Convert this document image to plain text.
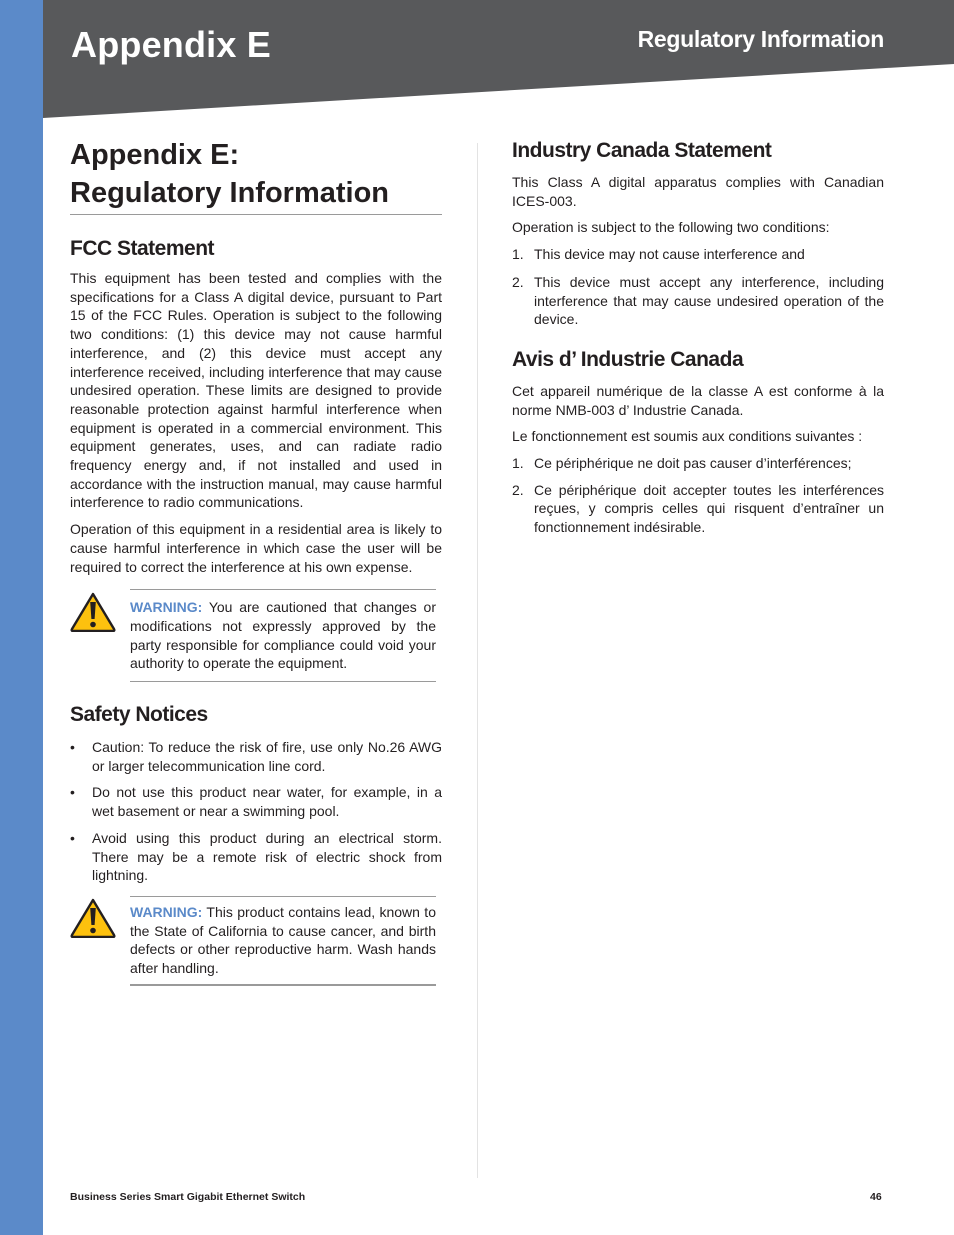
Appendix E	Regulatory Information
Appendix E:
Regulatory Information
FCC Statement

This equipment has been tested and complies with the specifications for a Class A digital device, pursuant to Part 15 of the FCC Rules. Operation is subject to the following two conditions: (1) this device may not cause harmful interference, and (2) this device must accept any interference received, including interference that may cause undesired operation. These limits are designed to provide reasonable protection against harmful interference when equipment is operated in a commercial environment. This equipment generates, uses, and can radiate radio frequency energy and, if not installed and used in accordance with the instruction manual, may cause harmful interference to radio communications.

Operation of this equipment in a residential area is likely to cause harmful interference in which case the user will be required to correct the interference at his own expense.

WARNING: You are cautioned that changes or modifications not expressly approved by the party responsible for compliance could void your authority to operate the equipment.
Safety Notices
• Caution: To reduce the risk of fire, use only No.26 AWG or larger telecommunication line cord.
• Do not use this product near water, for example, in a wet basement or near a swimming pool.
• Avoid using this product during an electrical storm. There may be a remote risk of electric shock from lightning.
WARNING: This product contains lead, known to the State of California to cause cancer, and birth defects or other reproductive harm. Wash hands after handling.
Industry Canada Statement

This Class A digital apparatus complies with Canadian ICES-003.

Operation is subject to the following two conditions:

1. This device may not cause interference and
2. This device must accept any interference, including interference that may cause undesired operation of the device.
Avis d’ Industrie Canada

Cet appareil numérique de la classe A est conforme à la norme NMB-003 d’ Industrie Canada.

Le fonctionnement est soumis aux conditions suivantes :

1. Ce périphérique ne doit pas causer d’interférences;
2. Ce périphérique doit accepter toutes les interférences reçues, y compris celles qui risquent d’entraîner un fonctionnement indésirable.
Business Series Smart Gigabit Ethernet Switch	46
